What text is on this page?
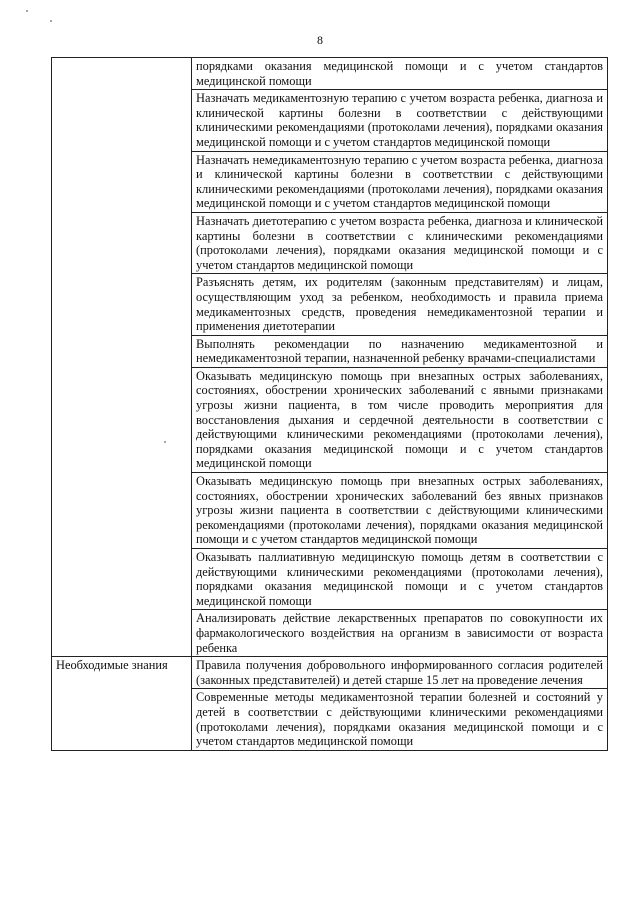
8
	порядками оказания медицинской помощи и с учетом стандартов медицинской помощи
	Назначать медикаментозную терапию с учетом возраста ребенка, диагноза и клинической картины болезни в соответствии с действующими клиническими рекомендациями (протоколами лечения), порядками оказания медицинской помощи и с учетом стандартов медицинской помощи
	Назначать немедикаментозную терапию с учетом возраста ребенка, диагноза и клинической картины болезни в соответствии с действующими клиническими рекомендациями (протоколами лечения), порядками оказания медицинской помощи и с учетом стандартов медицинской помощи
	Назначать диетотерапию с учетом возраста ребенка, диагноза и клинической картины болезни в соответствии с клиническими рекомендациями (протоколами лечения), порядками оказания медицинской помощи и с учетом стандартов медицинской помощи
	Разъяснять детям, их родителям (законным представителям) и лицам, осуществляющим уход за ребенком, необходимость и правила приема медикаментозных средств, проведения немедикаментозной терапии и применения диетотерапии
	Выполнять рекомендации по назначению медикаментозной и немедикаментозной терапии, назначенной ребенку врачами-специалистами
	Оказывать медицинскую помощь при внезапных острых заболеваниях, состояниях, обострении хронических заболеваний с явными признаками угрозы жизни пациента, в том числе проводить мероприятия для восстановления дыхания и сердечной деятельности в соответствии с действующими клиническими рекомендациями (протоколами лечения), порядками оказания медицинской помощи и с учетом стандартов медицинской помощи
	Оказывать медицинскую помощь при внезапных острых заболеваниях, состояниях, обострении хронических заболеваний без явных признаков угрозы жизни пациента в соответствии с действующими клиническими рекомендациями (протоколами лечения), порядками оказания медицинской помощи и с учетом стандартов медицинской помощи
	Оказывать паллиативную медицинскую помощь детям в соответствии с действующими клиническими рекомендациями (протоколами лечения), порядками оказания медицинской помощи и с учетом стандартов медицинской помощи
	Анализировать действие лекарственных препаратов по совокупности их фармакологического воздействия на организм в зависимости от возраста ребенка
Необходимые знания	Правила получения добровольного информированного согласия родителей (законных представителей) и детей старше 15 лет на проведение лечения
	Современные методы медикаментозной терапии болезней и состояний у детей в соответствии с действующими клиническими рекомендациями (протоколами лечения), порядками оказания медицинской помощи и с учетом стандартов медицинской помощи
